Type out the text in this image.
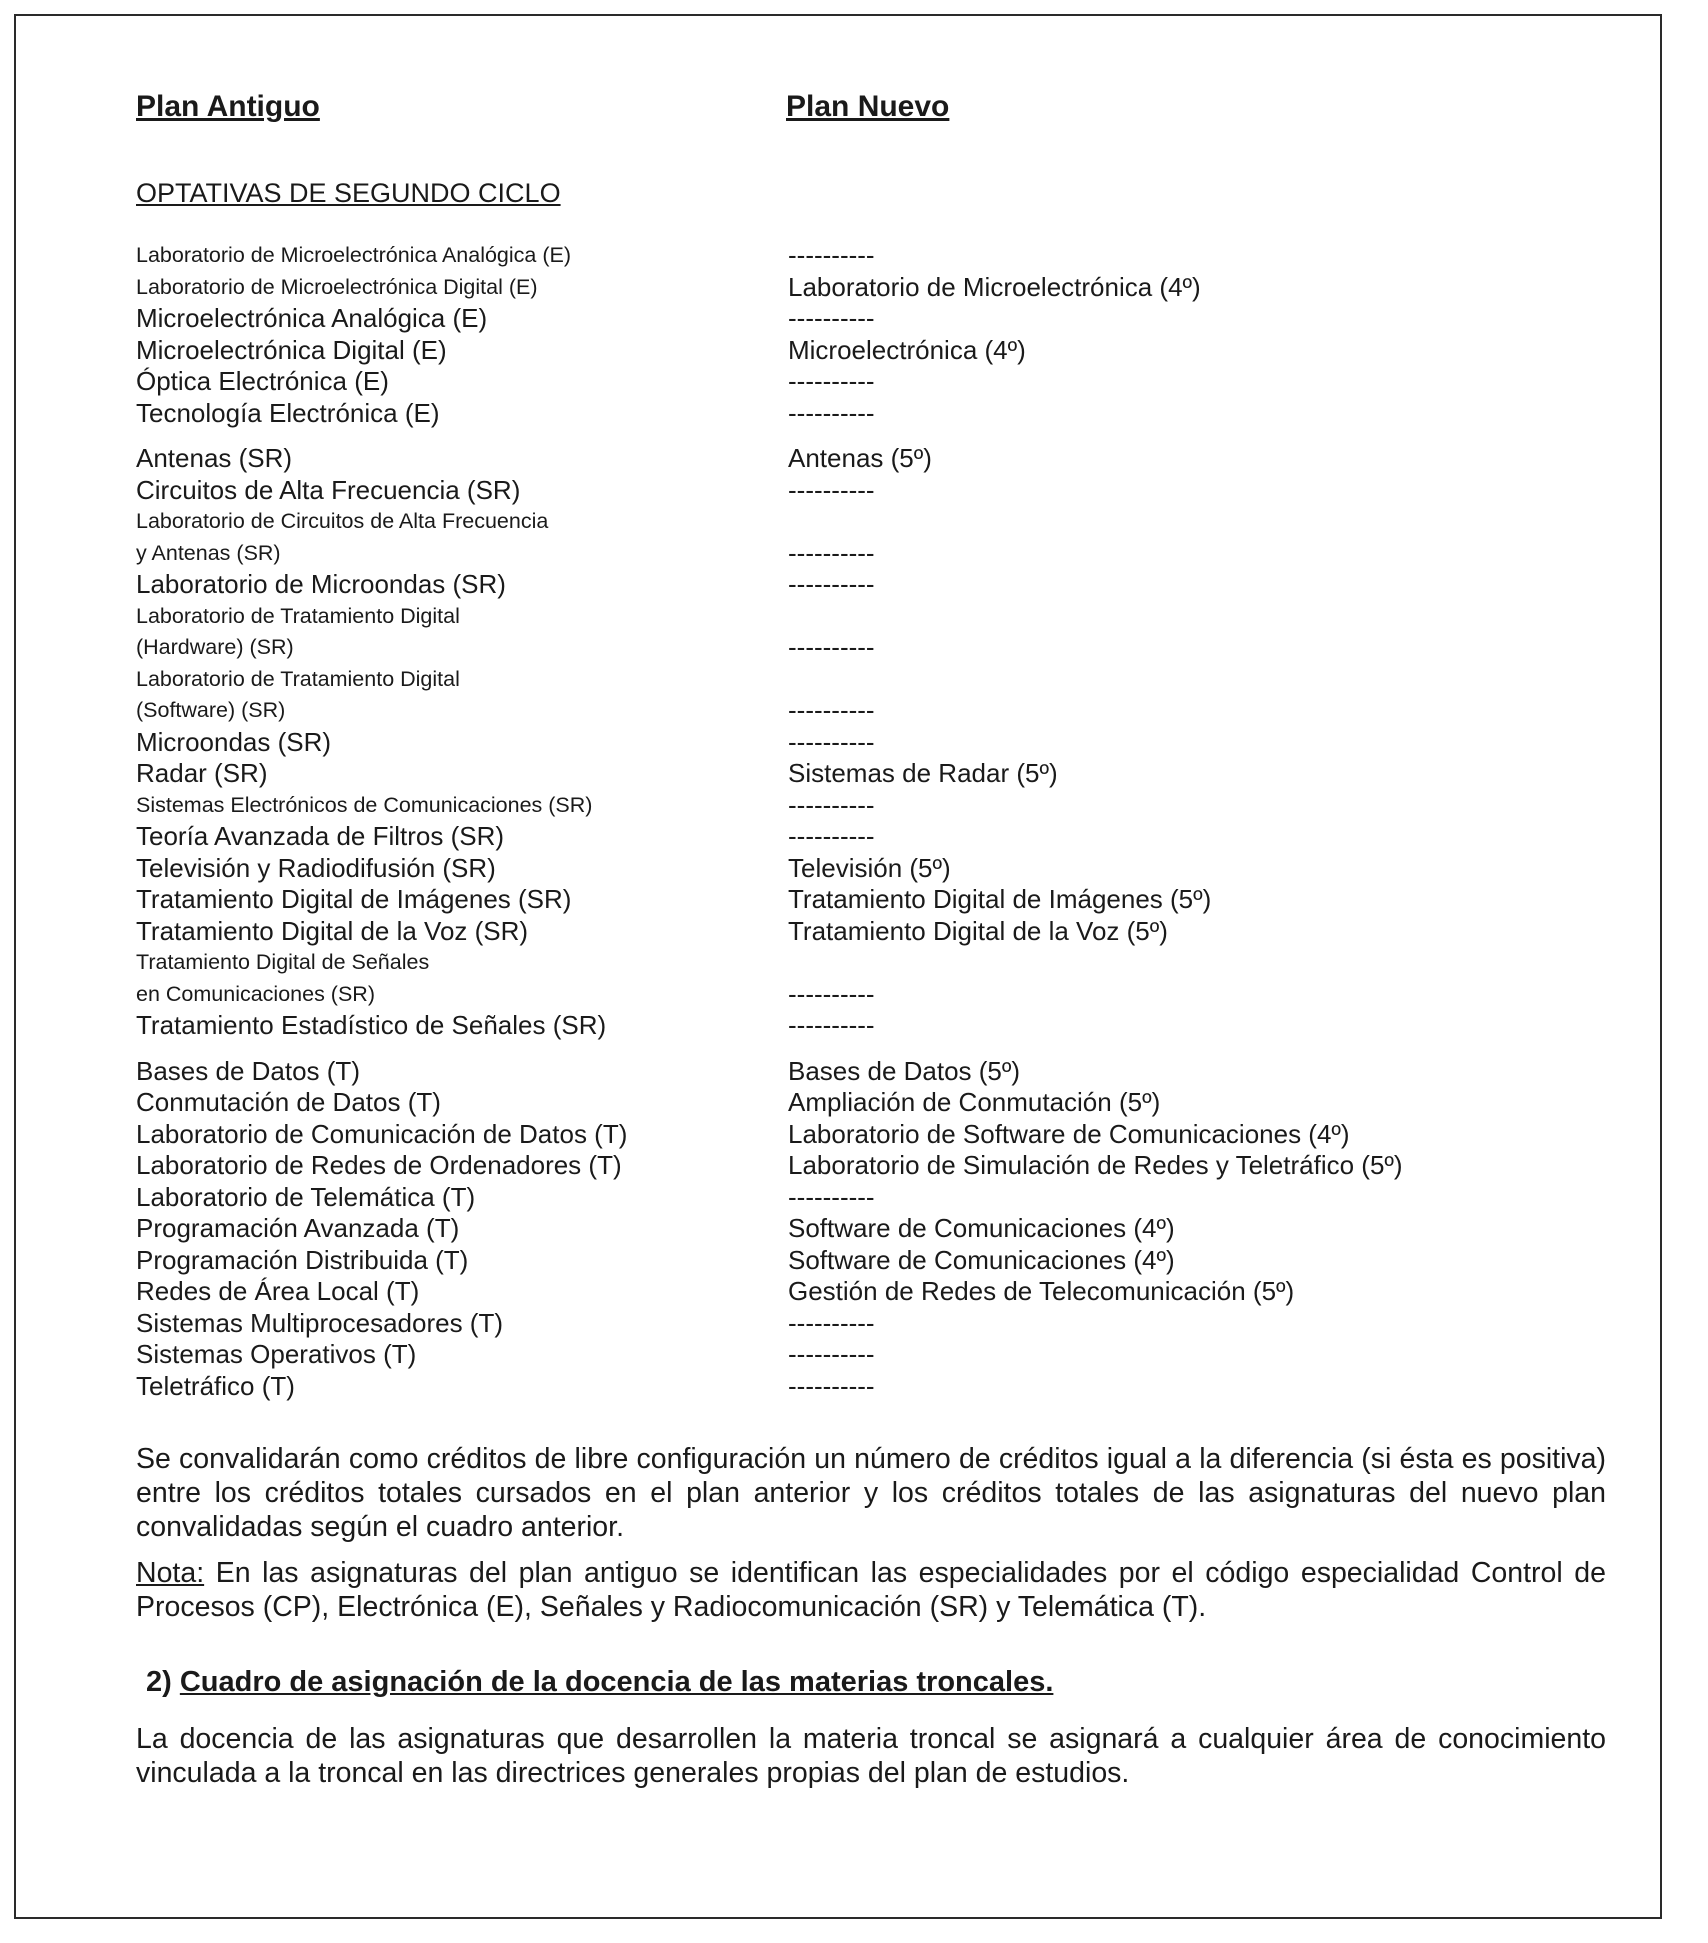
Plan Antiguo	Plan Nuevo
OPTATIVAS DE SEGUNDO CICLO
Laboratorio de Microelectrónica Analógica (E)	----------
Laboratorio de Microelectrónica Digital (E)	Laboratorio de Microelectrónica (4º)
Microelectrónica Analógica (E)	----------
Microelectrónica Digital (E)	Microelectrónica (4º)
Óptica Electrónica (E)	----------
Tecnología Electrónica (E)	----------
Antenas (SR)	Antenas (5º)
Circuitos de Alta Frecuencia (SR)	----------
Laboratorio de Circuitos de Alta Frecuencia
y Antenas (SR)	----------
Laboratorio de Microondas (SR)	----------
Laboratorio de Tratamiento Digital
(Hardware) (SR)	----------
Laboratorio de Tratamiento Digital
(Software) (SR)	----------
Microondas (SR)	----------
Radar (SR)	Sistemas de Radar (5º)
Sistemas Electrónicos de Comunicaciones (SR)	----------
Teoría Avanzada de Filtros (SR)	----------
Televisión y Radiodifusión (SR)	Televisión (5º)
Tratamiento Digital de Imágenes (SR)	Tratamiento Digital de Imágenes (5º)
Tratamiento Digital de la Voz (SR)	Tratamiento Digital de la Voz (5º)
Tratamiento Digital de Señales
en Comunicaciones (SR)	----------
Tratamiento Estadístico de Señales (SR)	----------
Bases de Datos (T)	Bases de Datos (5º)
Conmutación de Datos (T)	Ampliación de Conmutación (5º)
Laboratorio de Comunicación de Datos (T)	Laboratorio de Software de Comunicaciones (4º)
Laboratorio de Redes de Ordenadores (T)	Laboratorio de Simulación de Redes y Teletráfico (5º)
Laboratorio de Telemática (T)	----------
Programación Avanzada (T)	Software de Comunicaciones (4º)
Programación Distribuida (T)	Software de Comunicaciones (4º)
Redes de Área Local (T)	Gestión de Redes de Telecomunicación (5º)
Sistemas Multiprocesadores (T)	----------
Sistemas Operativos (T)	----------
Teletráfico (T)	----------
Se convalidarán como créditos de libre configuración un número de créditos igual a la diferencia (si ésta es positiva) entre los créditos totales cursados en el plan anterior y los créditos totales de las asignaturas del nuevo plan convalidadas según el cuadro anterior.
Nota: En las asignaturas del plan antiguo se identifican las especialidades por el código especialidad Control de Procesos (CP), Electrónica (E), Señales y Radiocomunicación (SR) y Telemática (T).
2) Cuadro de asignación de la docencia de las materias troncales.
La docencia de las asignaturas que desarrollen la materia troncal se asignará a cualquier área de conocimiento vinculada a la troncal en las directrices generales propias del plan de estudios.
